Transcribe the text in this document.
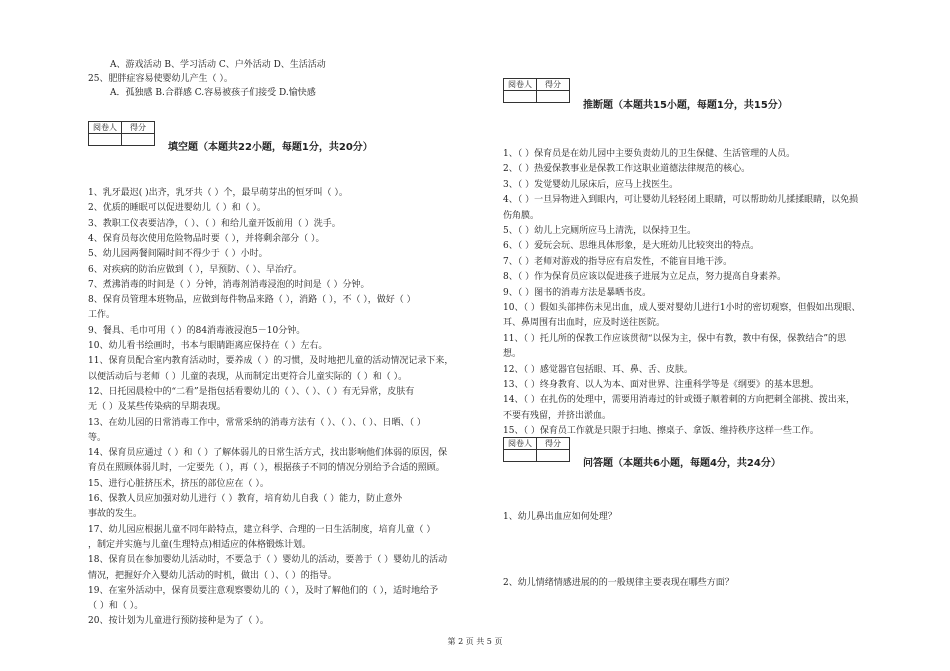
A、游戏活动 B、学习活动 C、户外活动 D、生活活动
25、肥胖症容易使婴幼儿产生（ ）。
A．孤独感 B.合群感 C.容易被孩子们接受 D.愉快感
阅卷人	得分

填空题（本题共22小题，每题1分，共20分）
1、乳牙最迟( )出齐，乳牙共（ ）个，最早萌芽出的恒牙叫（ ）。
2、优质的睡眠可以促进婴幼儿（ ）和（ ）。
3、教职工仪表要洁净，（ ）、（ ）和给儿童开饭前用（ ）洗手。
4、保育员每次使用危险物品时要（ ），并将剩余部分（ ）。
5、幼儿园两餐间隔时间不得少于（ ）小时。
6、对疾病的防治应做到（ ），早预防、（ ）、早治疗。
7、煮沸消毒的时间是（ ）分钟，消毒剂消毒浸泡的时间是（ ）分钟。
8、保育员管理本班物品，应做到每件物品来路（ ），消路（ ），不（ ），做好（ ）
工作。
9、餐具、毛巾可用（ ）的84消毒液浸泡5－10分钟。
10、幼儿看书绘画时，书本与眼睛距离应保持在（ ）左右。
11、保育员配合室内教育活动时，要养成（ ）的习惯，及时地把儿童的活动情况记录下来，
以便活动后与老师（ ）儿童的表现，从而制定出更符合儿童实际的（ ）和（ ）。
12、日托园晨检中的“二看”是指包括看婴幼儿的（ ）、（ ）、（ ）有无异常，皮肤有
无（ ）及某些传染病的早期表现。
13、在幼儿园的日常消毒工作中，常常采纳的消毒方法有（ ）、（ ）、（ ）、日晒、（ ）
等。
14、保育员应通过（ ）和（ ）了解体弱儿的日常生活方式，找出影响他们体弱的原因，保
育员在照顾体弱儿时，一定要先（ ），再（ ），根据孩子不同的情况分别给予合适的照顾。
15、进行心脏挤压术，挤压的部位应在（ ）。
16、保教人员应加强对幼儿进行（ ）教育，培育幼儿自我（ ）能力，防止意外
事故的发生。
17、幼儿园应根据儿童不同年龄特点，建立科学、合理的一日生活制度，培育儿童（ ）
，制定并实施与儿童(生理特点)相适应的体格锻炼计划。
18、保育员在参加婴幼儿活动时，不要急于（ ）婴幼儿的活动，要善于（ ）婴幼儿的活动
情况，把握好介入婴幼儿活动的时机，做出（ ）、（ ）的指导。
19、在室外活动中，保育员要注意观察婴幼儿的（ ），及时了解他们的（ ），适时地给予
（ ）和（ ）。
20、按计划为儿童进行预防接种是为了（ ）。
阅卷人	得分

推断题（本题共15小题，每题1分，共15分）
1、（ ）保育员是在幼儿园中主要负责幼儿的卫生保健、生活管理的人员。
2、（ ）热爱保教事业是保教工作这职业道德法律规范的核心。
3、（ ）发觉婴幼儿尿床后，应马上找医生。
4、（ ）一旦异物进入到眼内，可让婴幼儿轻轻闭上眼睛，可以帮助幼儿揉揉眼睛，以免损
伤角膜。
5、（ ）幼儿上完厕所应马上清洗，以保持卫生。
6、（ ）爱玩会玩、思维具体形象，是大班幼儿比较突出的特点。
7、（ ）老师对游戏的指导应有启发性，不能盲目地干涉。
8、（ ）作为保育员应该以促进孩子进展为立足点，努力提高自身素养。
9、（ ）图书的消毒方法是暴晒书皮。
10、（ ）假如头部摔伤未见出血，成人要对婴幼儿进行1小时的密切观察，但假如出现眼、
耳、鼻周围有出血时，应及时送往医院。
11、（ ）托儿所的保教工作应该贯彻“以保为主，保中有教，教中有保，保教结合”的思
想。
12、（ ）感觉器官包括眼、耳、鼻、舌、皮肤。
13、（ ）终身教育、以人为本、面对世界、注重科学等是《纲要》的基本思想。
14、（ ）在扎伤的处理中，需要用消毒过的针或镊子顺着刺的方向把刺全部挑、拨出来，
不要有残留，并挤出淤血。
15、（ ）保育员工作就是只限于扫地、擦桌子、拿饭、维持秩序这样一些工作。
阅卷人	得分

问答题（本题共6小题，每题4分，共24分）
1、幼儿鼻出血应如何处理？
2、幼儿情绪情感进展的的一般规律主要表现在哪些方面？
第 2 页 共 5 页
